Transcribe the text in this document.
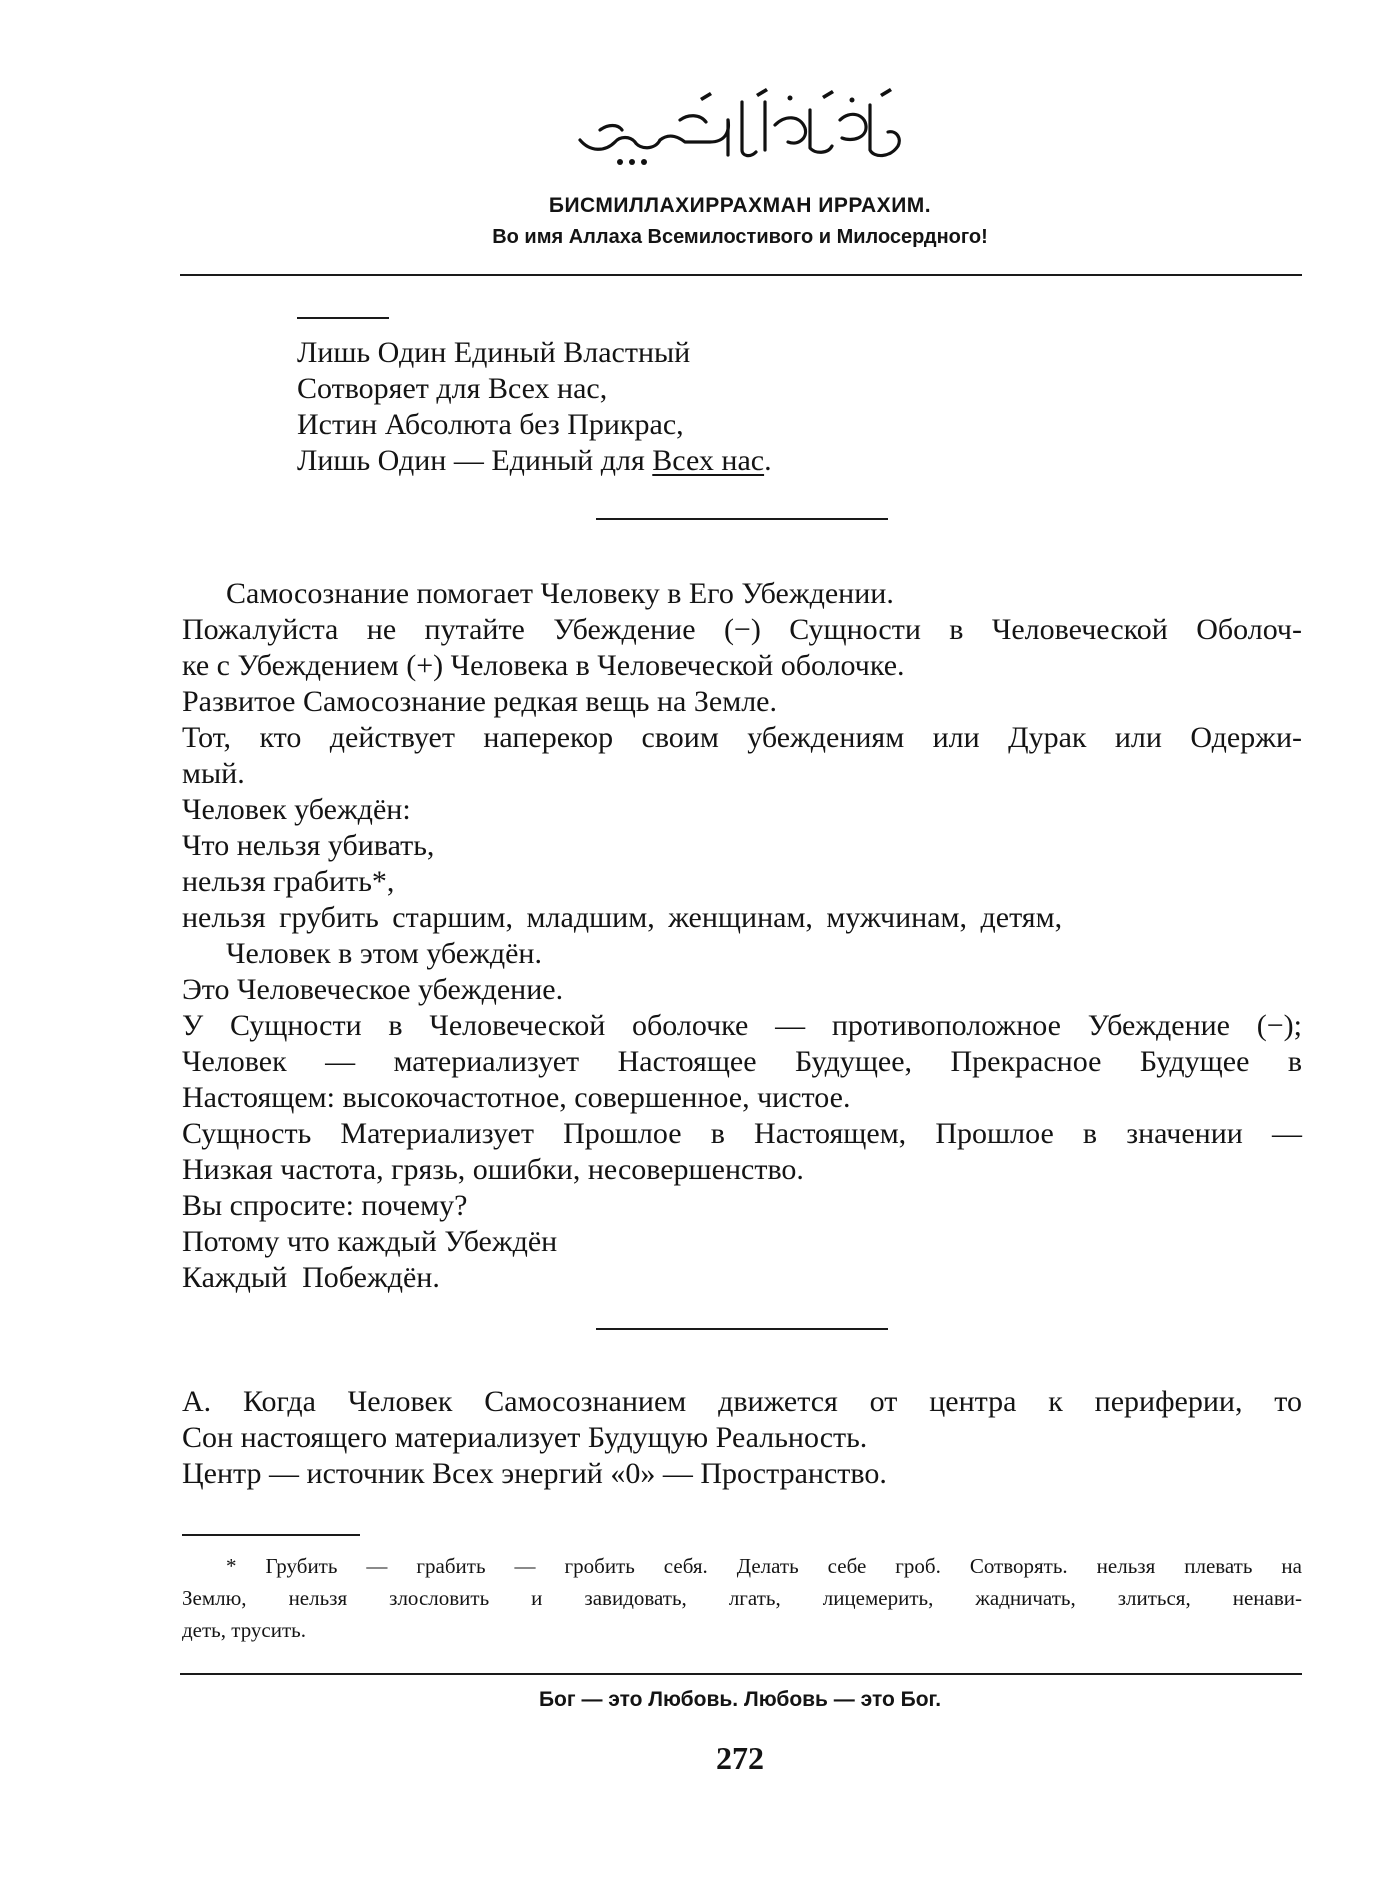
بِسْمِ اللَّهِ الرَّحْمَنِ الرَّحِيمِ
БИСМИЛЛАХИРРАХМАН ИРРАХИМ.
Во имя Аллаха Всемилостивого и Милосердного!
Лишь Один Единый Властный
Сотворяет для Всех нас,
Истин Абсолюта без Прикрас,
Лишь Один — Единый для Всех нас.
Самосознание помогает Человеку в Его Убеждении.
Пожалуйста не путайте Убеждение (−) Сущности в Человеческой Оболоч-
ке с Убеждением (+) Человека в Человеческой оболочке.
Развитое Самосознание редкая вещь на Земле.
Тот, кто действует наперекор своим убеждениям или Дурак или Одержи-
мый.
Человек убеждён:
Что нельзя убивать,
нельзя грабить*,
нельзя грубить старшим, младшим, женщинам, мужчинам, детям,
Человек в этом убеждён.
Это Человеческое убеждение.
У Сущности в Человеческой оболочке — противоположное Убеждение (−);
Человек — материализует Настоящее Будущее, Прекрасное Будущее в
Настоящем: высокочастотное, совершенное, чистое.
Сущность Материализует Прошлое в Настоящем, Прошлое в значении —
Низкая частота, грязь, ошибки, несовершенство.
Вы спросите: почему?
Потому что каждый Убеждён
Каждый  Побеждён.
А. Когда Человек Самосознанием движется от центра к периферии, то
Сон настоящего материализует Будущую Реальность.
Центр — источник Всех энергий «0» — Пространство.
* Грубить — грабить — гробить себя. Делать себе гроб. Сотворять. нельзя плевать на
Землю, нельзя злословить и завидовать, лгать, лицемерить, жадничать, злиться, ненави-
деть, трусить.
Бог — это Любовь. Любовь — это Бог.
272
